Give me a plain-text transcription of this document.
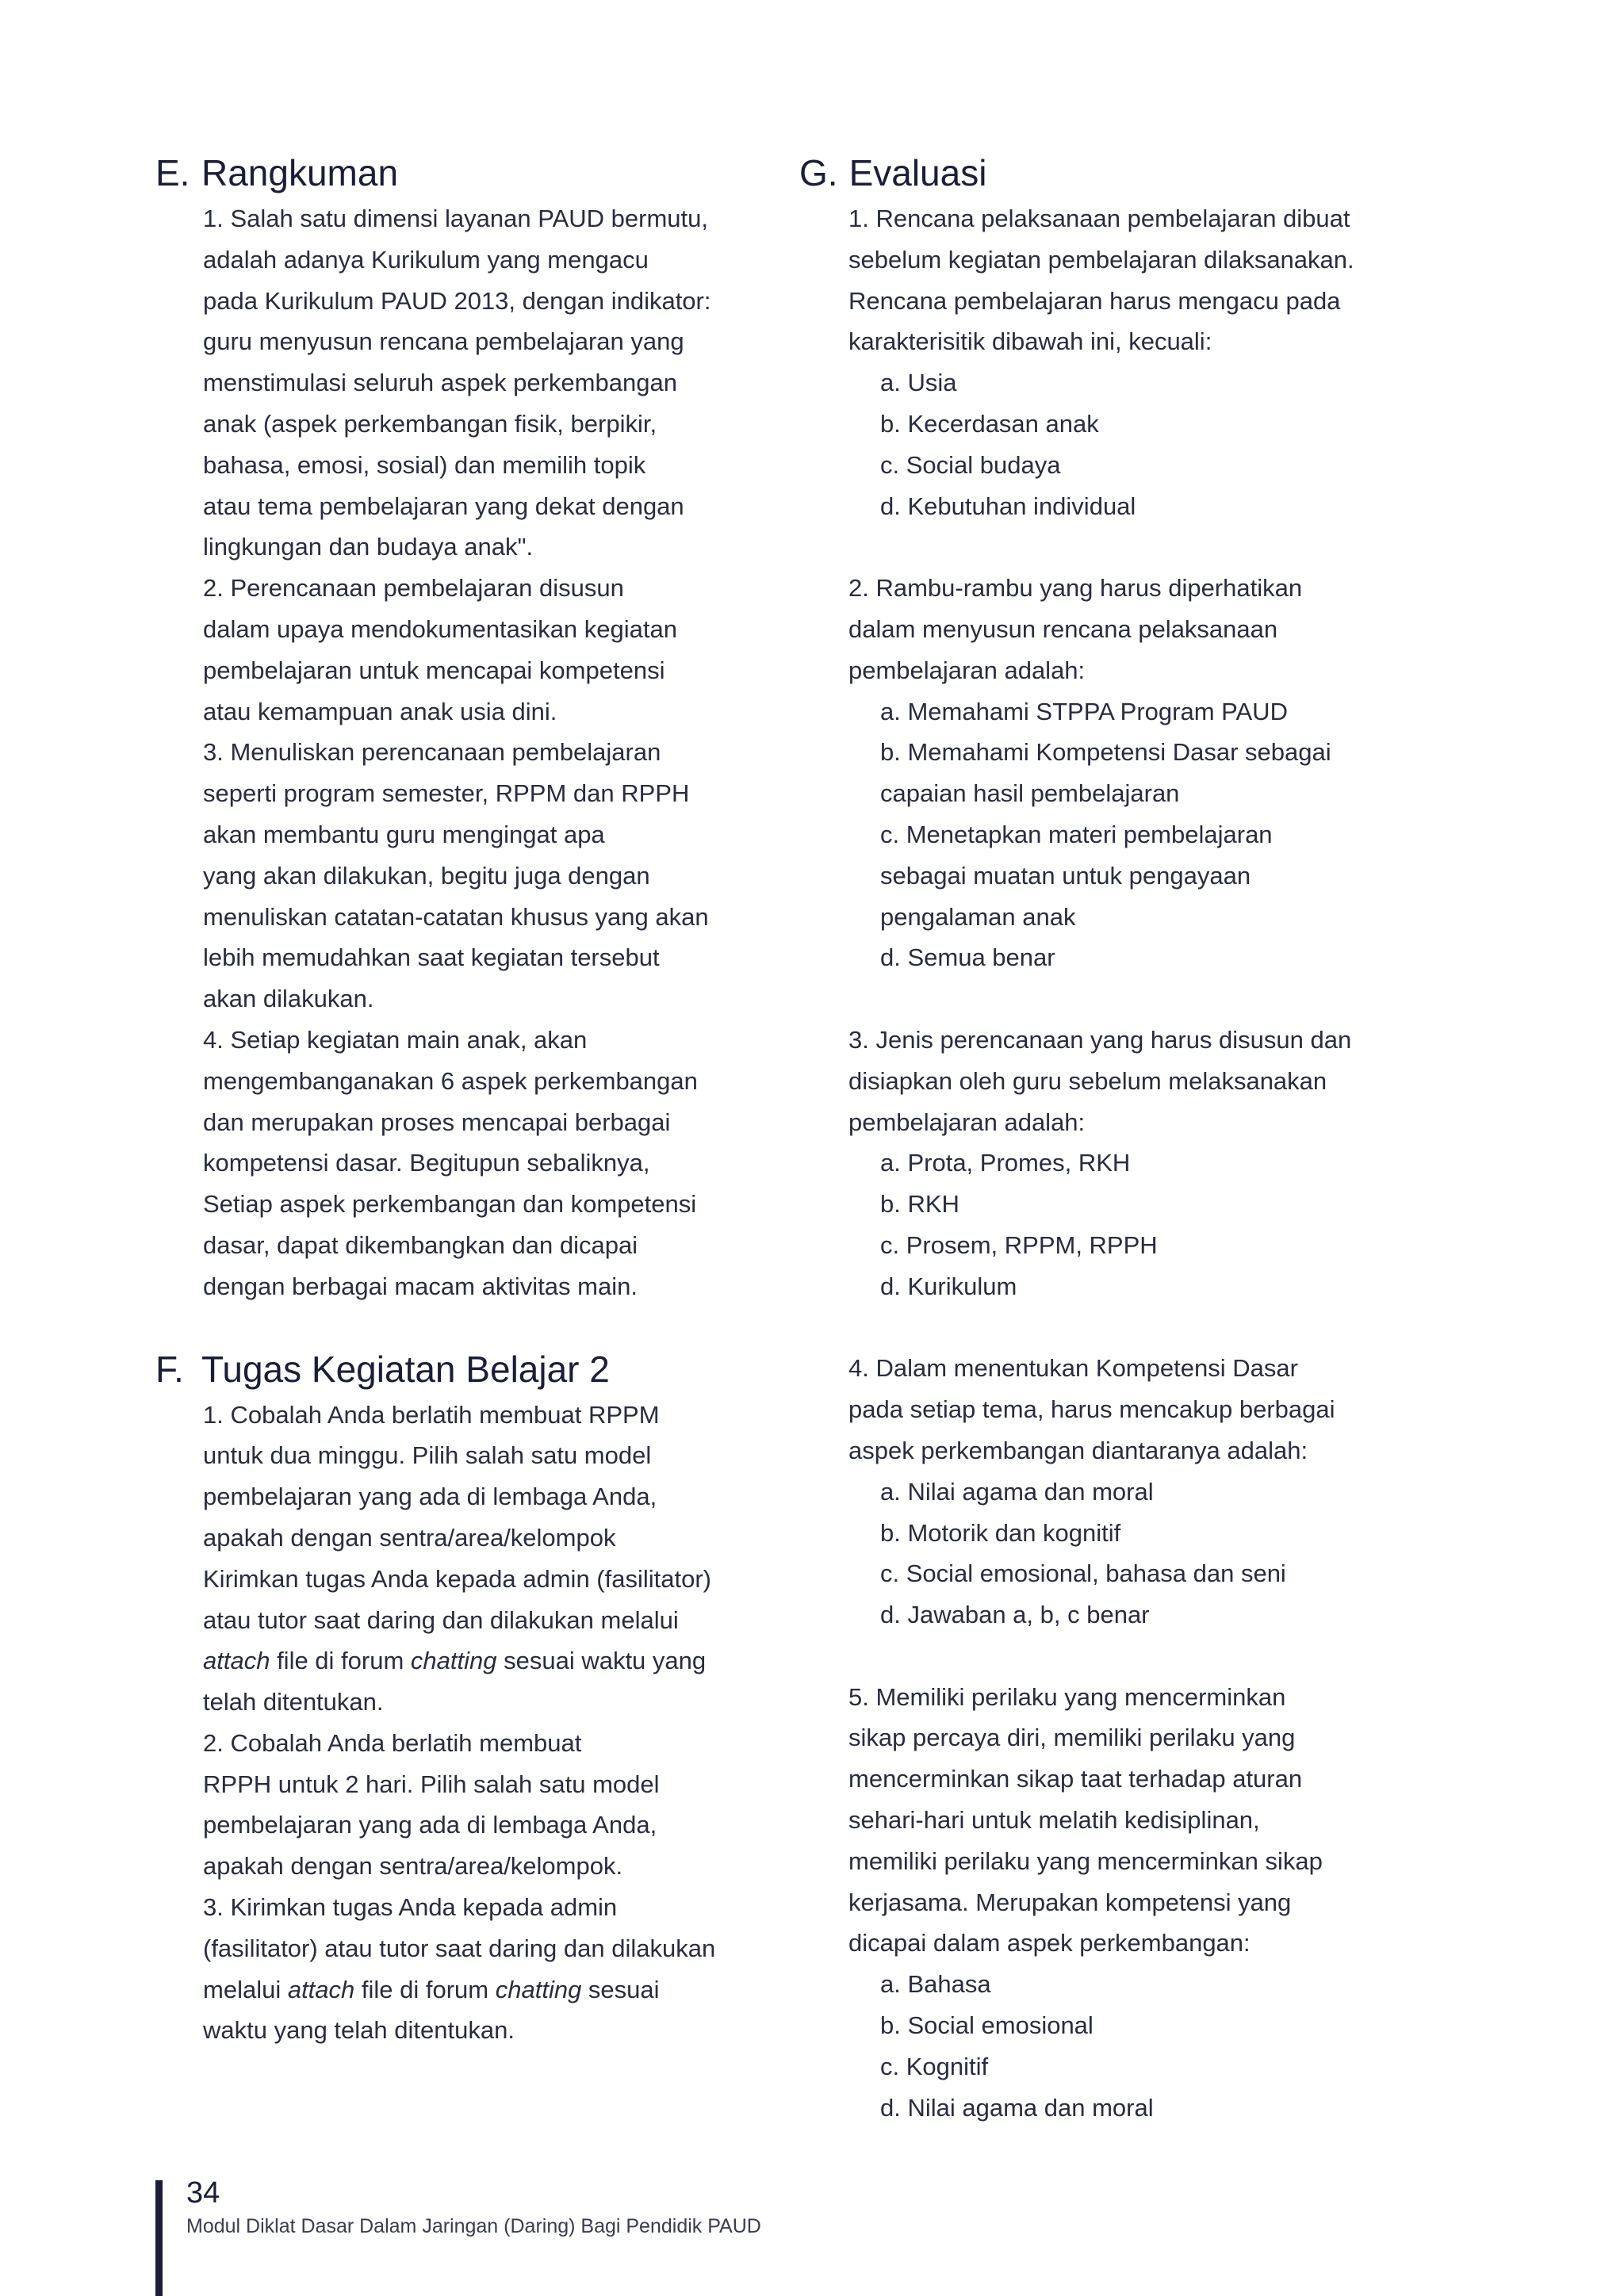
E. Rangkuman

1. Salah satu dimensi layanan PAUD bermutu,

adalah adanya Kurikulum yang mengacu

pada Kurikulum PAUD 2013, dengan indikator:

guru menyusun rencana pembelajaran yang

menstimulasi seluruh aspek perkembangan

anak (aspek perkembangan fisik, berpikir,

bahasa, emosi, sosial) dan memilih topik

atau tema pembelajaran yang dekat dengan

lingkungan dan budaya anak".

2. Perencanaan pembelajaran disusun

dalam upaya mendokumentasikan kegiatan

pembelajaran untuk mencapai kompetensi

atau kemampuan anak usia dini.

3. Menuliskan perencanaan pembelajaran

seperti program semester, RPPM dan RPPH

akan membantu guru mengingat apa

yang akan dilakukan, begitu juga dengan

menuliskan catatan-catatan khusus yang akan

lebih memudahkan saat kegiatan tersebut

akan dilakukan.

4. Setiap kegiatan main anak, akan

mengembanganakan 6 aspek perkembangan

dan merupakan proses mencapai berbagai

kompetensi dasar. Begitupun sebaliknya,

Setiap aspek perkembangan dan kompetensi

dasar, dapat dikembangkan dan dicapai

dengan berbagai macam aktivitas main.

F. Tugas Kegiatan Belajar 2

1. Cobalah Anda berlatih membuat RPPM

untuk dua minggu. Pilih salah satu model

pembelajaran yang ada di lembaga Anda,

apakah dengan sentra/area/kelompok

Kirimkan tugas Anda kepada admin (fasilitator)

atau tutor saat daring dan dilakukan melalui

attach file di forum chatting sesuai waktu yang

telah ditentukan.

2. Cobalah Anda berlatih membuat

RPPH untuk 2 hari. Pilih salah satu model

pembelajaran yang ada di lembaga Anda,

apakah dengan sentra/area/kelompok.

3. Kirimkan tugas Anda kepada admin

(fasilitator) atau tutor saat daring dan dilakukan

melalui attach file di forum chatting sesuai

waktu yang telah ditentukan.

G. Evaluasi

1. Rencana pelaksanaan pembelajaran dibuat

sebelum kegiatan pembelajaran dilaksanakan.

Rencana pembelajaran harus mengacu pada

karakterisitik dibawah ini, kecuali:

a. Usia

b. Kecerdasan anak

c. Social budaya

d. Kebutuhan individual

2. Rambu-rambu yang harus diperhatikan

dalam menyusun rencana pelaksanaan

pembelajaran adalah:

a. Memahami STPPA Program PAUD

b. Memahami Kompetensi Dasar sebagai

capaian hasil pembelajaran

c. Menetapkan materi pembelajaran

sebagai muatan untuk pengayaan

pengalaman anak

d. Semua benar

3. Jenis perencanaan yang harus disusun dan

disiapkan oleh guru sebelum melaksanakan

pembelajaran adalah:

a. Prota, Promes, RKH

b. RKH

c. Prosem, RPPM, RPPH

d. Kurikulum

4. Dalam menentukan Kompetensi Dasar

pada setiap tema, harus mencakup berbagai

aspek perkembangan diantaranya adalah:

a. Nilai agama dan moral

b. Motorik dan kognitif

c. Social emosional, bahasa dan seni

d. Jawaban a, b, c benar

5. Memiliki perilaku yang mencerminkan

sikap percaya diri, memiliki perilaku yang

mencerminkan sikap taat terhadap aturan

sehari-hari untuk melatih kedisiplinan,

memiliki perilaku yang mencerminkan sikap

kerjasama. Merupakan kompetensi yang

dicapai dalam aspek perkembangan:

a. Bahasa

b. Social emosional

c. Kognitif

d. Nilai agama dan moral

34
Modul Diklat Dasar Dalam Jaringan (Daring) Bagi Pendidik PAUD
